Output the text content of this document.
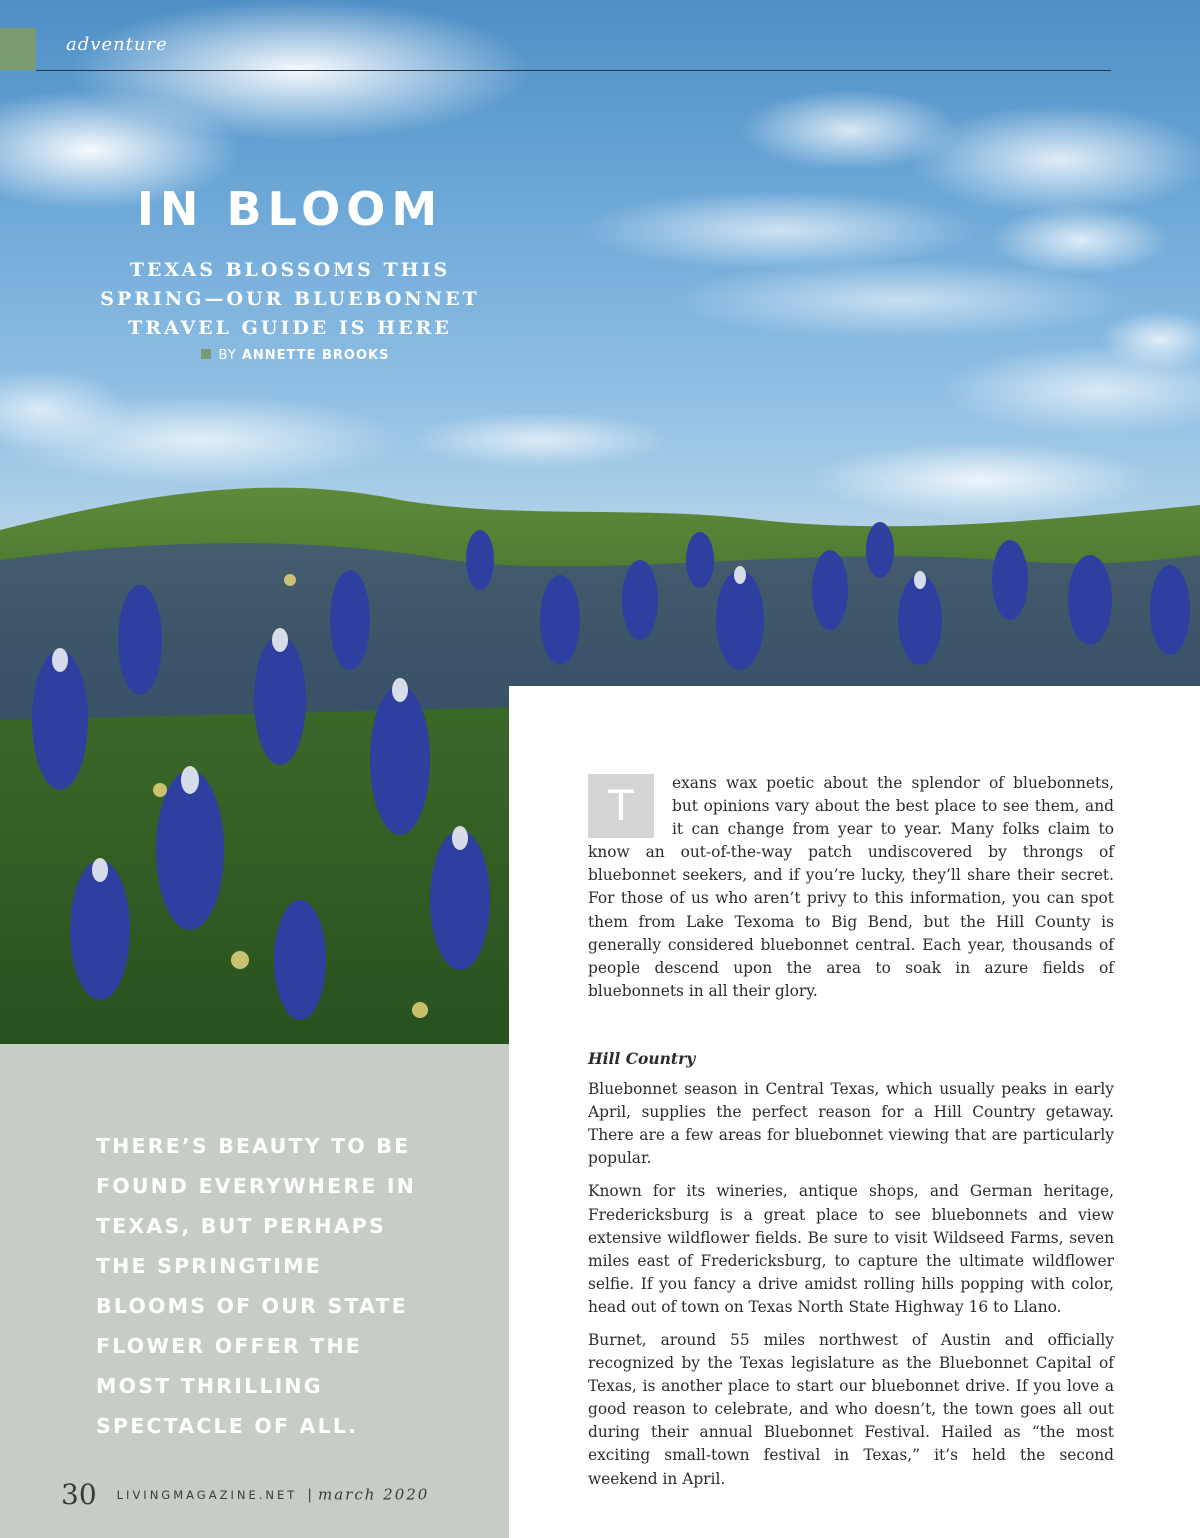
adventure
IN BLOOM
TEXAS BLOSSOMS THIS SPRING—OUR BLUEBONNET TRAVEL GUIDE IS HERE
BY ANNETTE BROOKS

T	exans wax poetic about the splendor of bluebonnets, but opinions vary about the best place to see them, and it can change from year to year. Many folks claim to know an out-of-the-way patch undiscovered by throngs of bluebonnet seekers, and if you’re lucky, they’ll share their secret. For those of us who aren’t privy to this information, you can spot them from Lake Texoma to Big Bend, but the Hill County is generally considered bluebonnet central. Each year, thousands of people descend upon the area to soak in azure fields of bluebonnets in all their glory.

Hill Country

Bluebonnet season in Central Texas, which usually peaks in early April, supplies the perfect reason for a Hill Country getaway. There are a few areas for bluebonnet viewing that are particularly popular.

Known for its wineries, antique shops, and German heritage, Fredericksburg is a great place to see bluebonnets and view extensive wildflower fields. Be sure to visit Wildseed Farms, seven miles east of Fredericksburg, to capture the ultimate wildflower selfie. If you fancy a drive amidst rolling hills popping with color, head out of town on Texas North State Highway 16 to Llano.

Burnet, around 55 miles northwest of Austin and officially recognized by the Texas legislature as the Bluebonnet Capital of Texas, is another place to start our bluebonnet drive. If you love a good reason to celebrate, and who doesn’t, the town goes all out during their annual Bluebonnet Festival. Hailed as “the most exciting small-town festival in Texas,” it’s held the second weekend in April.

THERE’S BEAUTY TO BE FOUND EVERYWHERE IN TEXAS, BUT PERHAPS THE SPRINGTIME BLOOMS OF OUR STATE FLOWER OFFER THE MOST THRILLING SPECTACLE OF ALL.
30 LIVINGMAGAZINE.NET | march 2020
